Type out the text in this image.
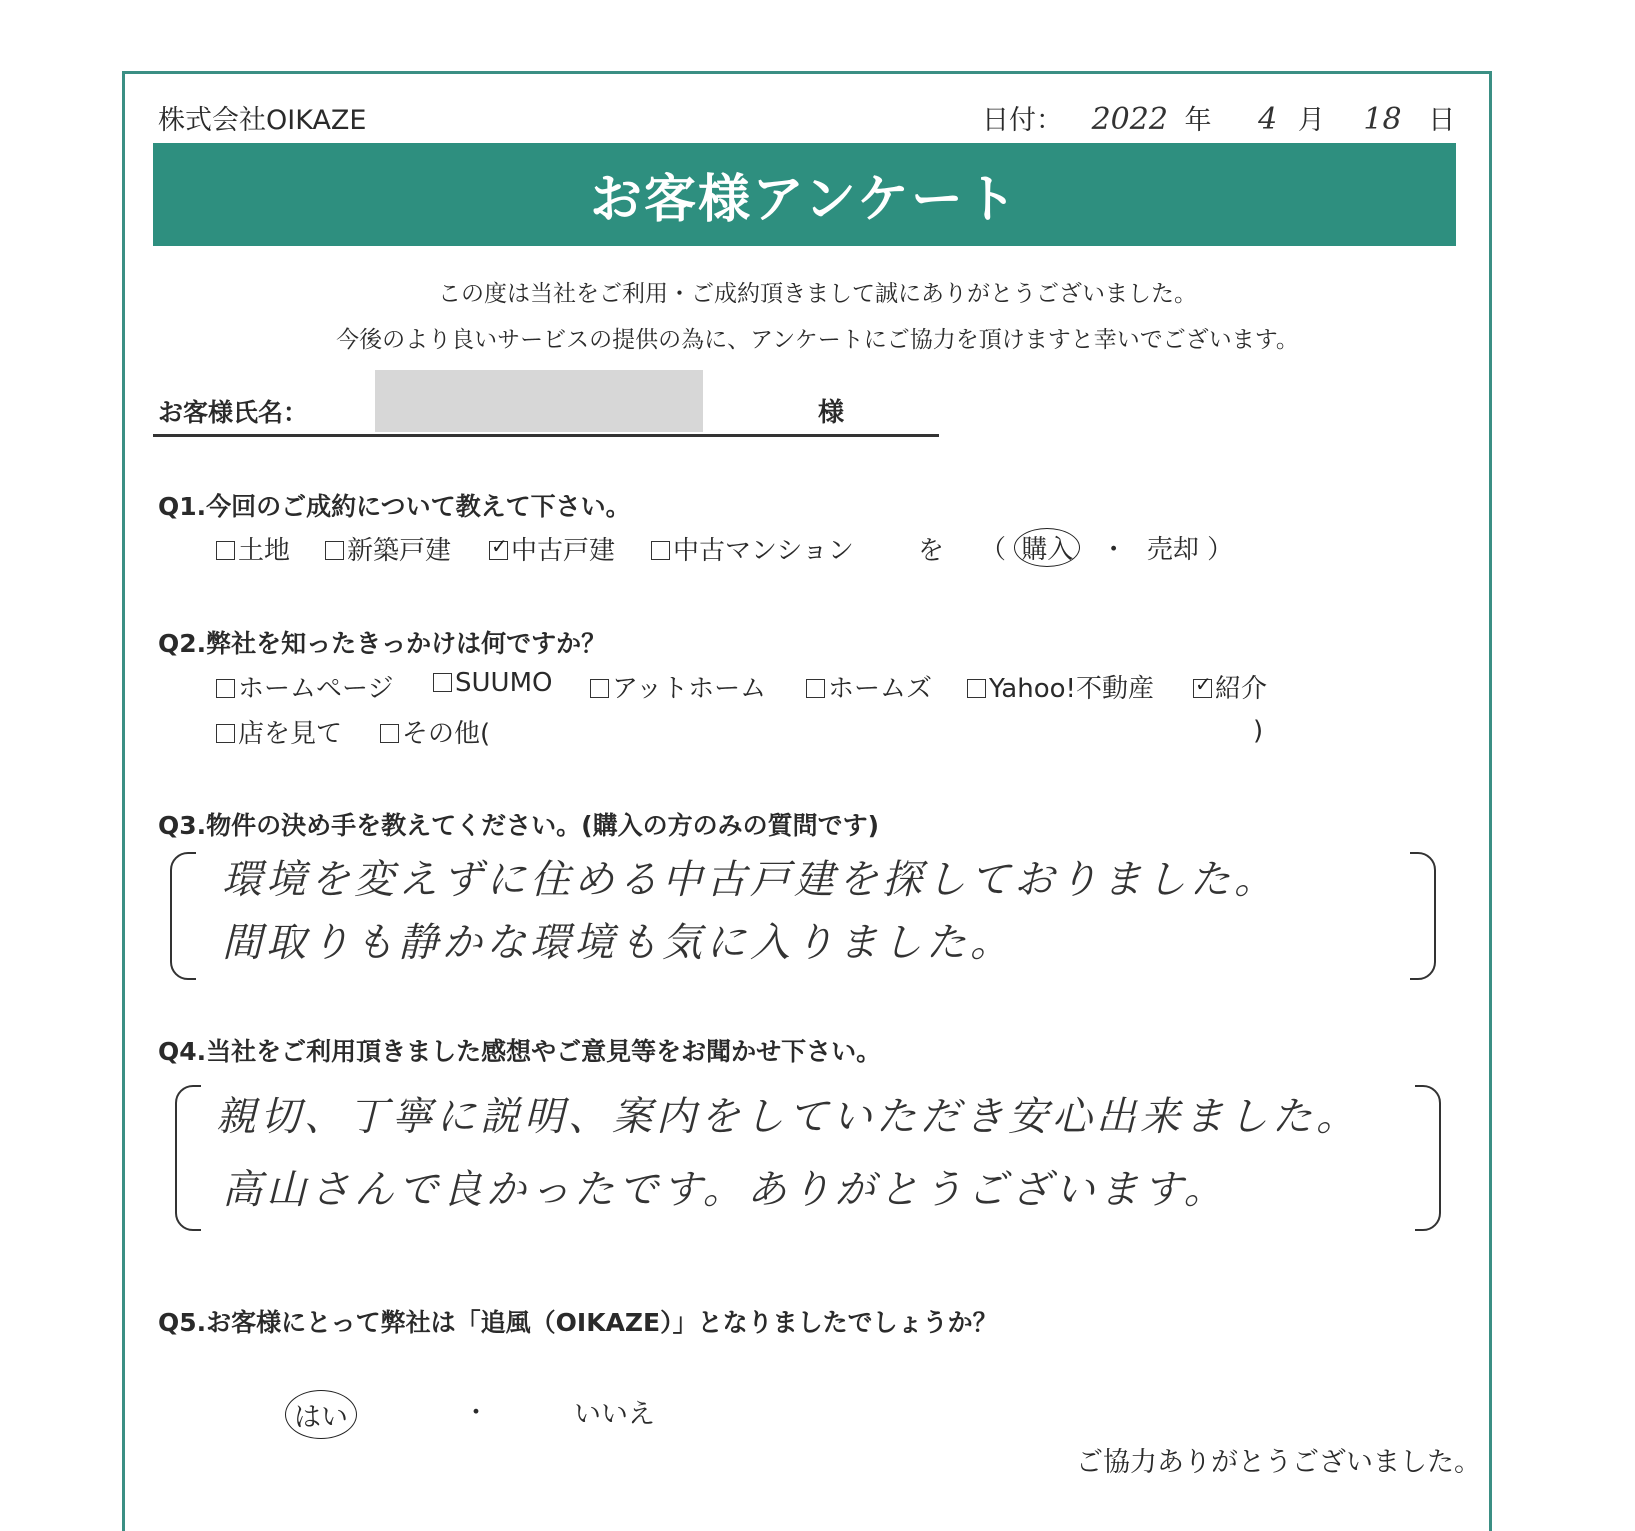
株式会社OIKAZE	日付： 2022 年 4 月 18 日
お客様アンケート
この度は当社をご利用・ご成約頂きまして誠にありがとうございました。
今後のより良いサービスの提供の為に、アンケートにご協力を頂けますと幸いでございます。
お客様氏名：	様
Q1.今回のご成約について教えて下さい。
土地	新築戸建 ✓	中古戸建	中古マンション を （ 購入 ・ 売却 ）
Q2.弊社を知ったきっかけは何ですか？
ホームページ	SUUMO	アットホーム	ホームズ	Yahoo!不動産 ✓	紹介
店を見て	その他(	)
Q3.物件の決め手を教えてください。(購入の方のみの質問です)
環境を変えずに住める中古戸建を探しておりました。
間取りも静かな環境も気に入りました。
Q4.当社をご利用頂きました感想やご意見等をお聞かせ下さい。
親切、丁寧に説明、案内をしていただき安心出来ました。
高山さんで良かったです。ありがとうございます。
Q5.お客様にとって弊社は「追風（OIKAZE）」となりましたでしょうか？
はい	・	いいえ
ご協力ありがとうございました。
